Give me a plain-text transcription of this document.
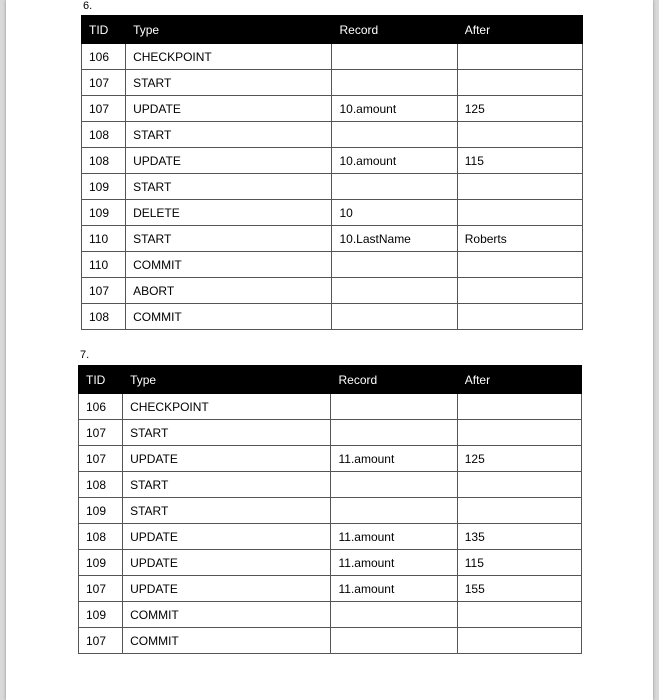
6.
TID	Type	Record	After
106	CHECKPOINT		
107	START		
107	UPDATE	10.amount	125
108	START		
108	UPDATE	10.amount	115
109	START		
109	DELETE	10	
110	START	10.LastName	Roberts
110	COMMIT		
107	ABORT		
108	COMMIT		
7.
TID	Type	Record	After
106	CHECKPOINT		
107	START		
107	UPDATE	11.amount	125
108	START		
109	START		
108	UPDATE	11.amount	135
109	UPDATE	11.amount	115
107	UPDATE	11.amount	155
109	COMMIT		
107	COMMIT		
